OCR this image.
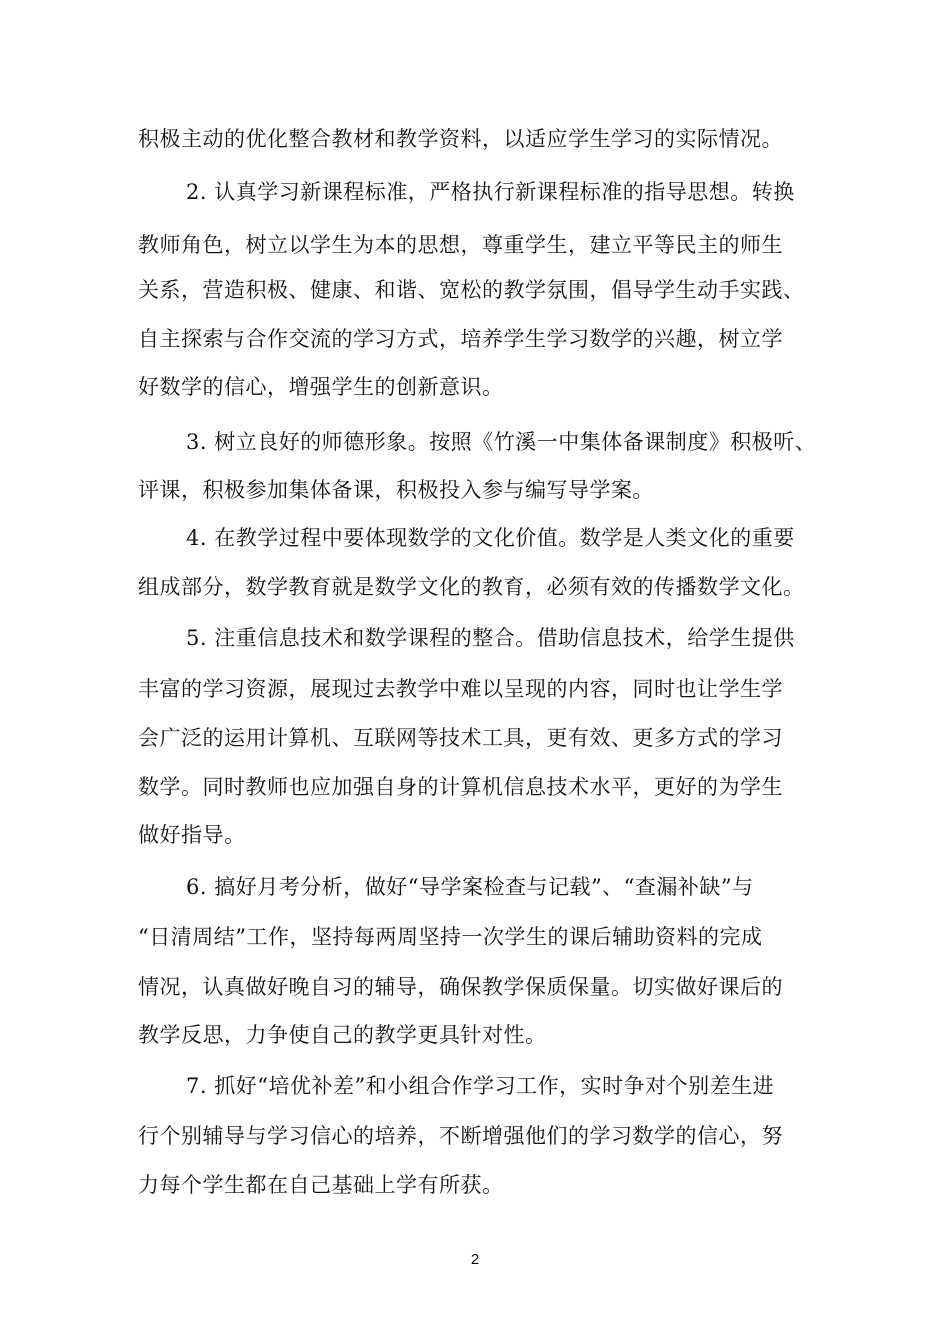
积极主动的优化整合教材和教学资料，以适应学生学习的实际情况。
2. 认真学习新课程标准，严格执行新课程标准的指导思想。转换
教师角色，树立以学生为本的思想，尊重学生，建立平等民主的师生
关系，营造积极、健康、和谐、宽松的教学氛围，倡导学生动手实践、
自主探索与合作交流的学习方式，培养学生学习数学的兴趣，树立学
好数学的信心，增强学生的创新意识。
3. 树立良好的师德形象。按照《竹溪一中集体备课制度》积极听、
评课，积极参加集体备课，积极投入参与编写导学案。
4. 在教学过程中要体现数学的文化价值。数学是人类文化的重要
组成部分，数学教育就是数学文化的教育，必须有效的传播数学文化。
5. 注重信息技术和数学课程的整合。借助信息技术，给学生提供
丰富的学习资源，展现过去教学中难以呈现的内容，同时也让学生学
会广泛的运用计算机、互联网等技术工具，更有效、更多方式的学习
数学。同时教师也应加强自身的计算机信息技术水平，更好的为学生
做好指导。
6. 搞好月考分析，做好“导学案检查与记载”、“查漏补缺”与
“日清周结”工作，坚持每两周坚持一次学生的课后辅助资料的完成
情况，认真做好晚自习的辅导，确保教学保质保量。切实做好课后的
教学反思，力争使自己的教学更具针对性。
7. 抓好“培优补差”和小组合作学习工作，实时争对个别差生进
行个别辅导与学习信心的培养，不断增强他们的学习数学的信心，努
力每个学生都在自己基础上学有所获。
2
